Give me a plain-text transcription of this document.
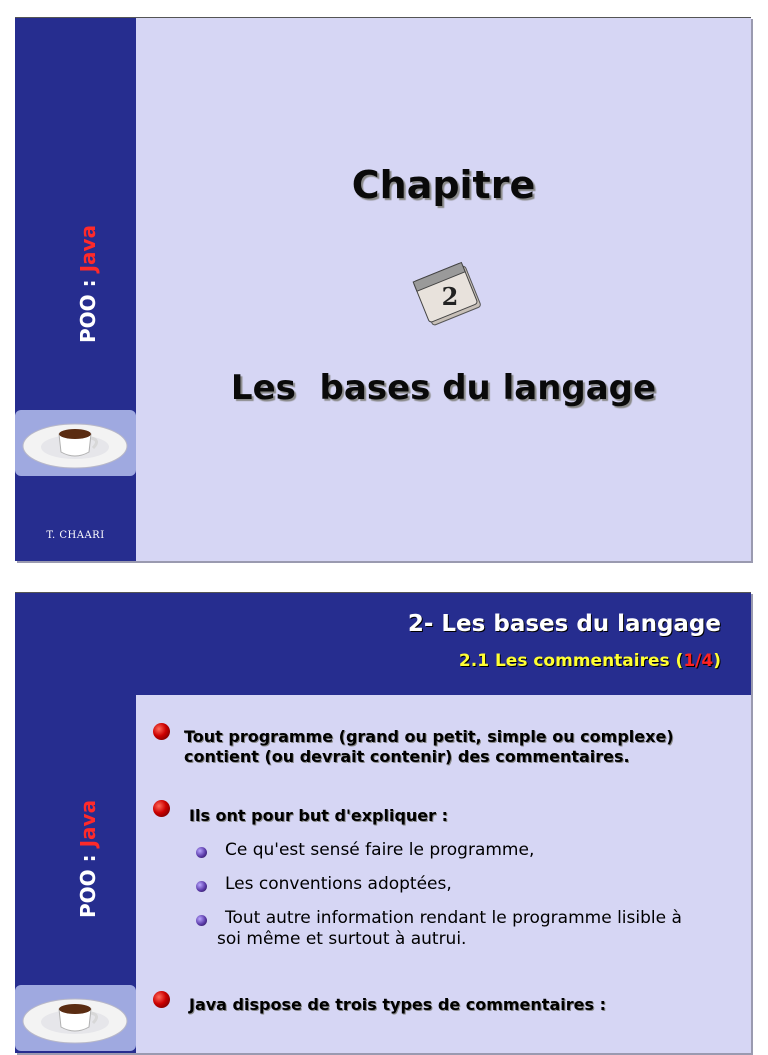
POO : Java
T. CHAARI
Chapitre
2
Les  bases du langage
POO : Java
2- Les bases du langage
2.1 Les commentaires (1/4)
Tout programme (grand ou petit, simple ou complexe)
contient (ou devrait contenir) des commentaires.
Ils ont pour but d'expliquer :
Ce qu'est sensé faire le programme,
Les conventions adoptées,
Tout autre information rendant le programme lisible à
soi même et surtout à autrui.
Java dispose de trois types de commentaires :
